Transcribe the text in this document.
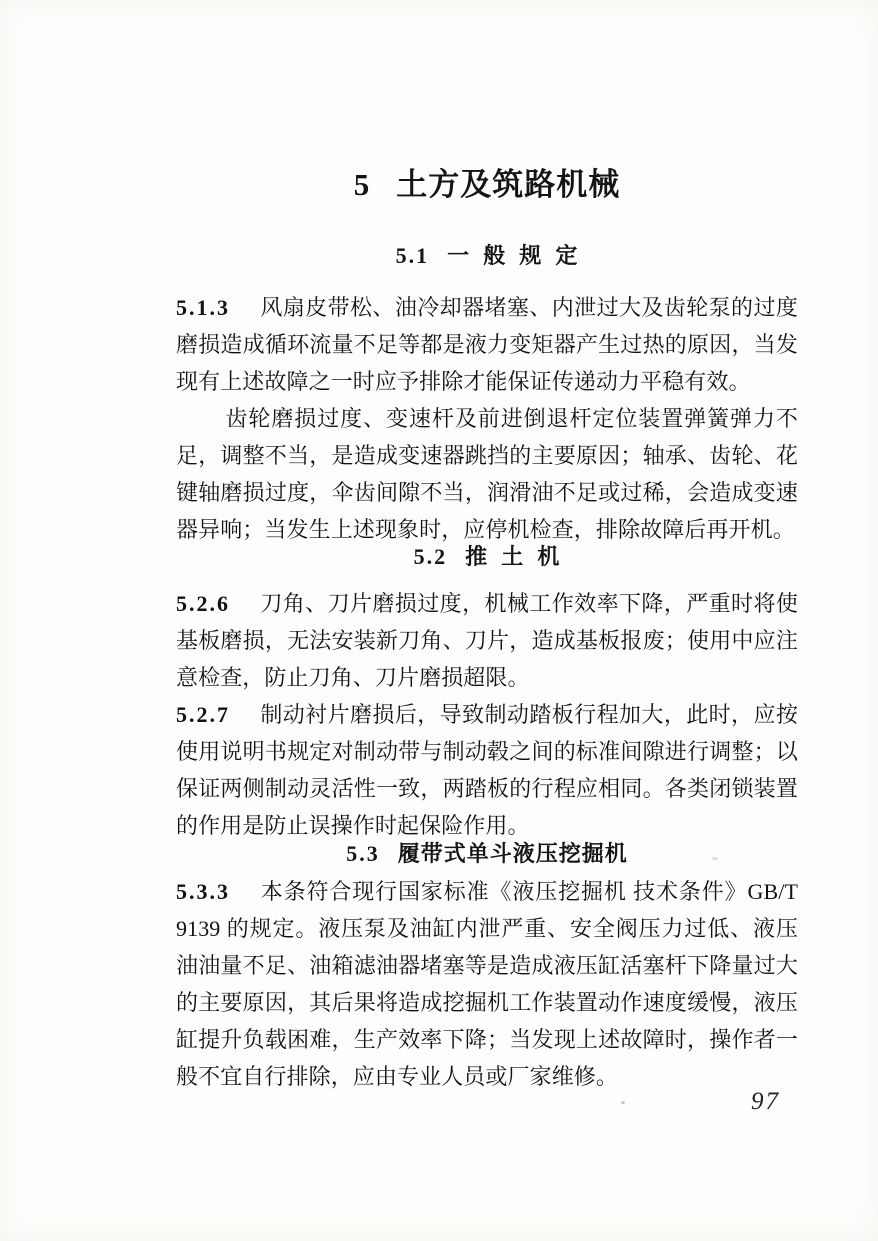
5 土方及筑路机械
5.1 一 般 规 定
5.1.3 风扇皮带松、油冷却器堵塞、内泄过大及齿轮泵的过度磨损造成循环流量不足等都是液力变矩器产生过热的原因，当发现有上述故障之一时应予排除才能保证传递动力平稳有效。
齿轮磨损过度、变速杆及前进倒退杆定位装置弹簧弹力不足，调整不当，是造成变速器跳挡的主要原因；轴承、齿轮、花键轴磨损过度，伞齿间隙不当，润滑油不足或过稀，会造成变速器异响；当发生上述现象时，应停机检查，排除故障后再开机。
5.2 推 土 机
5.2.6 刀角、刀片磨损过度，机械工作效率下降，严重时将使基板磨损，无法安装新刀角、刀片，造成基板报废；使用中应注意检查，防止刀角、刀片磨损超限。
5.2.7 制动衬片磨损后，导致制动踏板行程加大，此时，应按使用说明书规定对制动带与制动毂之间的标准间隙进行调整；以保证两侧制动灵活性一致，两踏板的行程应相同。各类闭锁装置的作用是防止误操作时起保险作用。
5.3 履带式单斗液压挖掘机
5.3.3 本条符合现行国家标准《液压挖掘机 技术条件》GB/T 9139 的规定。液压泵及油缸内泄严重、安全阀压力过低、液压油油量不足、油箱滤油器堵塞等是造成液压缸活塞杆下降量过大的主要原因，其后果将造成挖掘机工作装置动作速度缓慢，液压缸提升负载困难，生产效率下降；当发现上述故障时，操作者一般不宜自行排除，应由专业人员或厂家维修。
97
